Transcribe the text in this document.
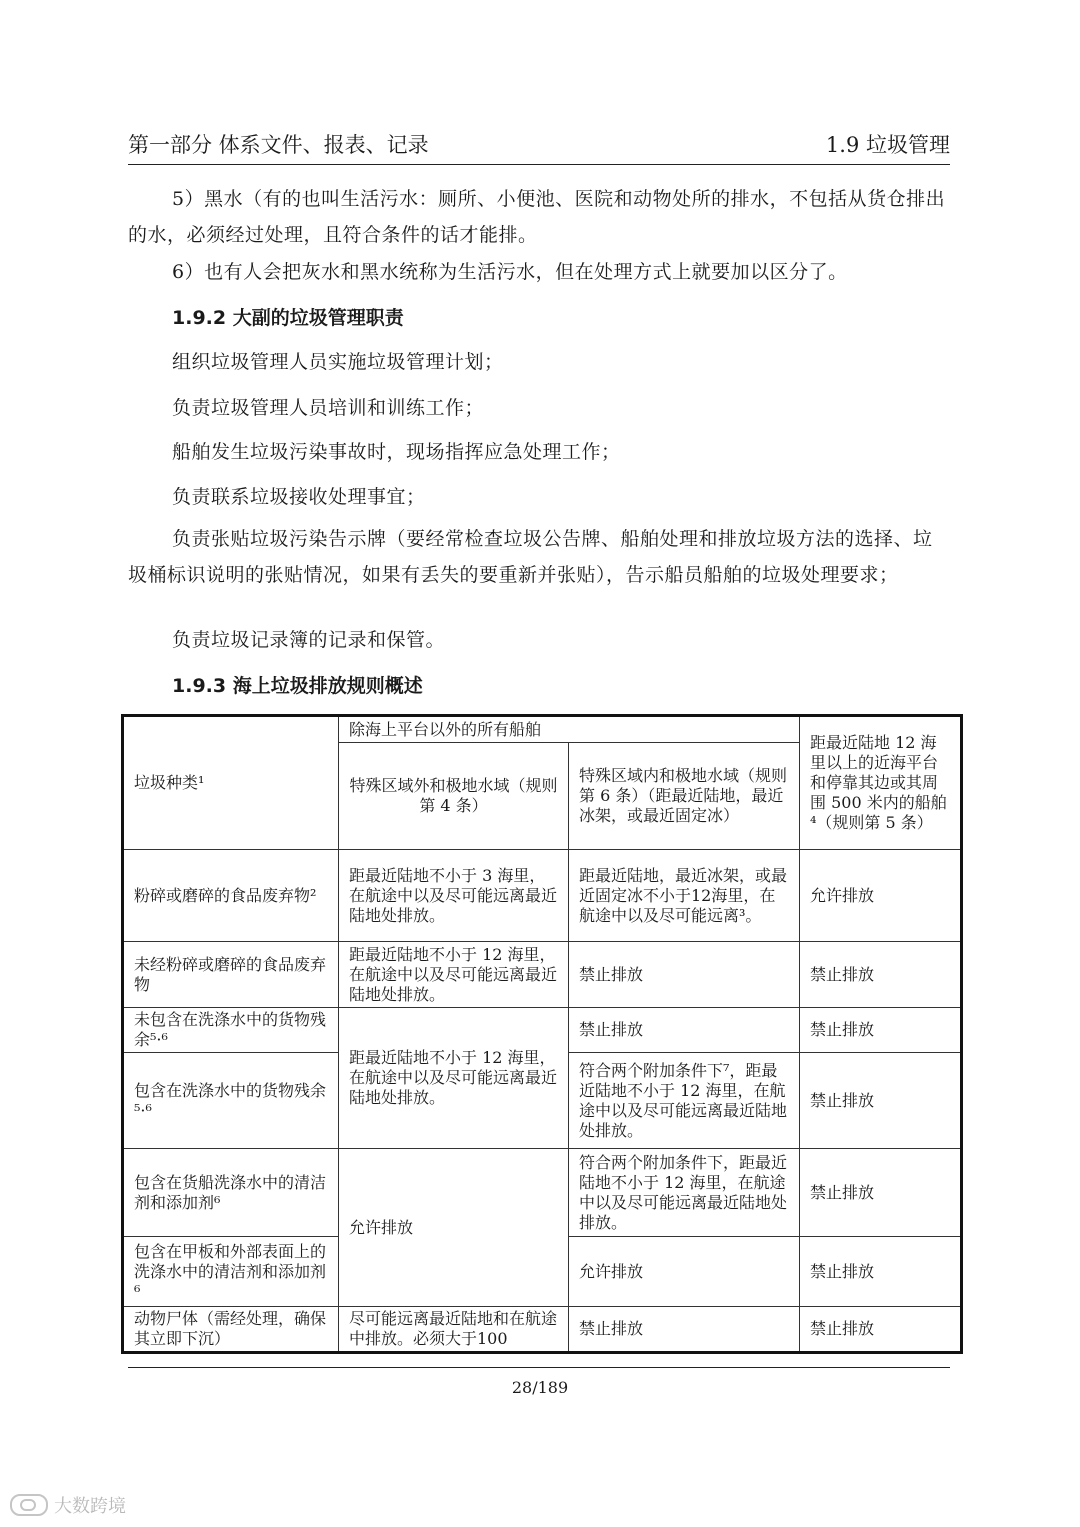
第一部分 体系文件、报表、记录	1.9 垃圾管理

5）黑水（有的也叫生活污水：厕所、小便池、医院和动物处所的排水，不包括从货仓排出的水，必须经过处理，且符合条件的话才能排。

6）也有人会把灰水和黑水统称为生活污水，但在处理方式上就要加以区分了。

1.9.2 大副的垃圾管理职责

组织垃圾管理人员实施垃圾管理计划；

负责垃圾管理人员培训和训练工作；

船舶发生垃圾污染事故时，现场指挥应急处理工作；

负责联系垃圾接收处理事宜；

负责张贴垃圾污染告示牌（要经常检查垃圾公告牌、船舶处理和排放垃圾方法的选择、垃圾桶标识说明的张贴情况，如果有丢失的要重新并张贴），告示船员船舶的垃圾处理要求；

负责垃圾记录簿的记录和保管。

1.9.3 海上垃圾排放规则概述
垃圾种类¹	除海上平台以外的所有船舶		距最近陆地 12 海里以上的近海平台和停靠其边或其周围 500 米内的船舶⁴（规则第 5 条）
	特殊区域外和极地水域（规则第 4 条）	特殊区域内和极地水域（规则第 6 条）（距最近陆地，最近冰架，或最近固定冰）	
粉碎或磨碎的食品废弃物²	距最近陆地不小于 3 海里，在航途中以及尽可能远离最近陆地处排放。	距最近陆地，最近冰架，或最近固定冰不小于12海里，在航途中以及尽可能远离³。	允许排放
未经粉碎或磨碎的食品废弃物	距最近陆地不小于 12 海里，在航途中以及尽可能远离最近陆地处排放。	禁止排放	禁止排放
未包含在洗涤水中的货物残余⁵·⁶	距最近陆地不小于 12 海里，在航途中以及尽可能远离最近陆地处排放。	禁止排放	禁止排放
包含在洗涤水中的货物残余⁵·⁶		符合两个附加条件下⁷，距最近陆地不小于 12 海里，在航途中以及尽可能远离最近陆地处排放。	禁止排放
包含在货船洗涤水中的清洁剂和添加剂⁶	允许排放	符合两个附加条件下，距最近陆地不小于 12 海里，在航途中以及尽可能远离最近陆地处排放。	禁止排放
包含在甲板和外部表面上的洗涤水中的清洁剂和添加剂⁶		允许排放	禁止排放
动物尸体（需经处理，确保其立即下沉）	尽可能远离最近陆地和在航途中排放。必须大于100	禁止排放	禁止排放
28/189
大数跨境
